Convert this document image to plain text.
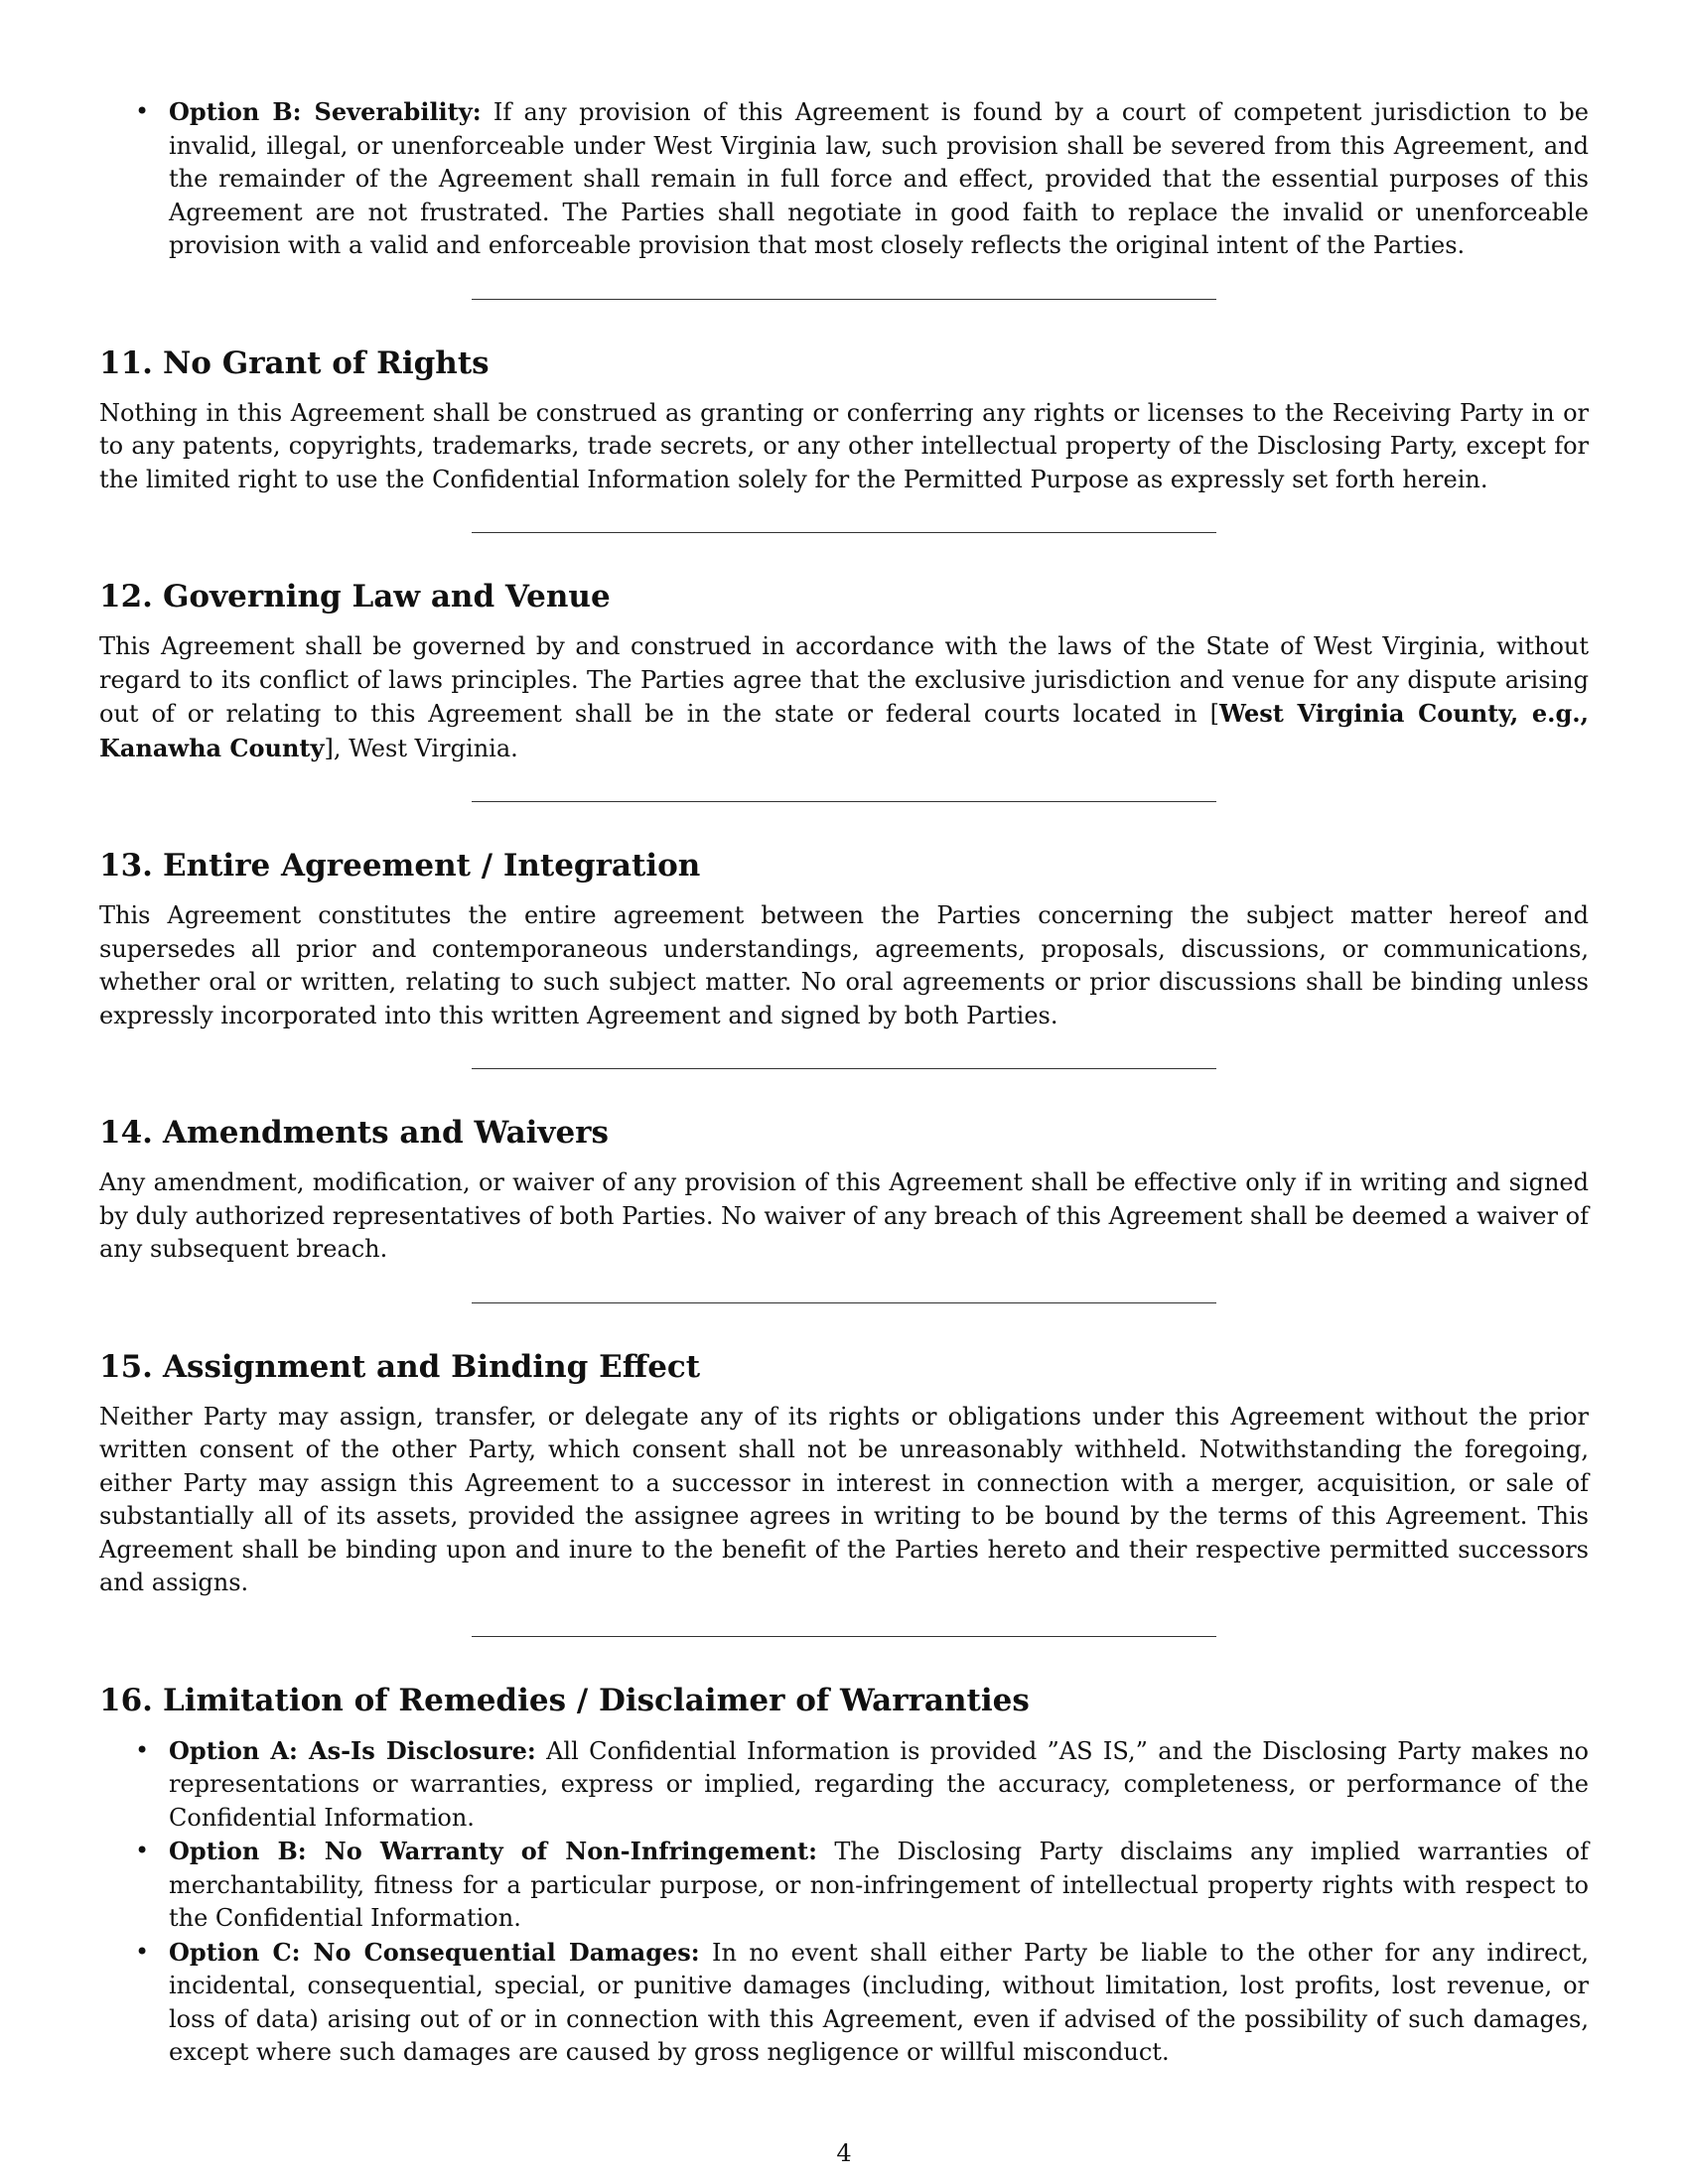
• Option B: Severability: If any provision of this Agreement is found by a court of competent jurisdiction to be invalid, illegal, or unenforceable under West Virginia law, such provision shall be severed from this Agreement, and the remainder of the Agreement shall remain in full force and effect, provided that the essential purposes of this Agreement are not frustrated. The Parties shall negotiate in good faith to replace the invalid or unenforceable provision with a valid and enforceable provision that most closely reflects the original intent of the Parties.
11. No Grant of Rights

Nothing in this Agreement shall be construed as granting or conferring any rights or licenses to the Receiving Party in or to any patents, copyrights, trademarks, trade secrets, or any other intellectual property of the Disclosing Party, except for the limited right to use the Confidential Information solely for the Permitted Purpose as expressly set forth herein.

12. Governing Law and Venue

This Agreement shall be governed by and construed in accordance with the laws of the State of West Virginia, without regard to its conflict of laws principles. The Parties agree that the exclusive jurisdiction and venue for any dispute arising out of or relating to this Agreement shall be in the state or federal courts located in [West Virginia County, e.g., Kanawha County], West Virginia.

13. Entire Agreement / Integration

This Agreement constitutes the entire agreement between the Parties concerning the subject matter hereof and supersedes all prior and contemporaneous understandings, agreements, proposals, discussions, or communications, whether oral or written, relating to such subject matter. No oral agreements or prior discussions shall be binding unless expressly incorporated into this written Agreement and signed by both Parties.

14. Amendments and Waivers

Any amendment, modification, or waiver of any provision of this Agreement shall be effective only if in writing and signed by duly authorized representatives of both Parties. No waiver of any breach of this Agreement shall be deemed a waiver of any subsequent breach.

15. Assignment and Binding Effect

Neither Party may assign, transfer, or delegate any of its rights or obligations under this Agreement without the prior written consent of the other Party, which consent shall not be unreasonably withheld. Notwithstanding the foregoing, either Party may assign this Agreement to a successor in interest in connection with a merger, acquisition, or sale of substantially all of its assets, provided the assignee agrees in writing to be bound by the terms of this Agreement. This Agreement shall be binding upon and inure to the benefit of the Parties hereto and their respective permitted successors and assigns.

16. Limitation of Remedies / Disclaimer of Warranties
• Option A: As-Is Disclosure: All Confidential Information is provided ”AS IS,” and the Disclosing Party makes no representations or warranties, express or implied, regarding the accuracy, completeness, or performance of the Confidential Information.
• Option B: No Warranty of Non-Infringement: The Disclosing Party disclaims any implied warranties of merchantability, fitness for a particular purpose, or non-infringement of intellectual property rights with respect to the Confidential Information.
• Option C: No Consequential Damages: In no event shall either Party be liable to the other for any indirect, incidental, consequential, special, or punitive damages (including, without limitation, lost profits, lost revenue, or loss of data) arising out of or in connection with this Agreement, even if advised of the possibility of such damages, except where such damages are caused by gross negligence or willful misconduct.
4
